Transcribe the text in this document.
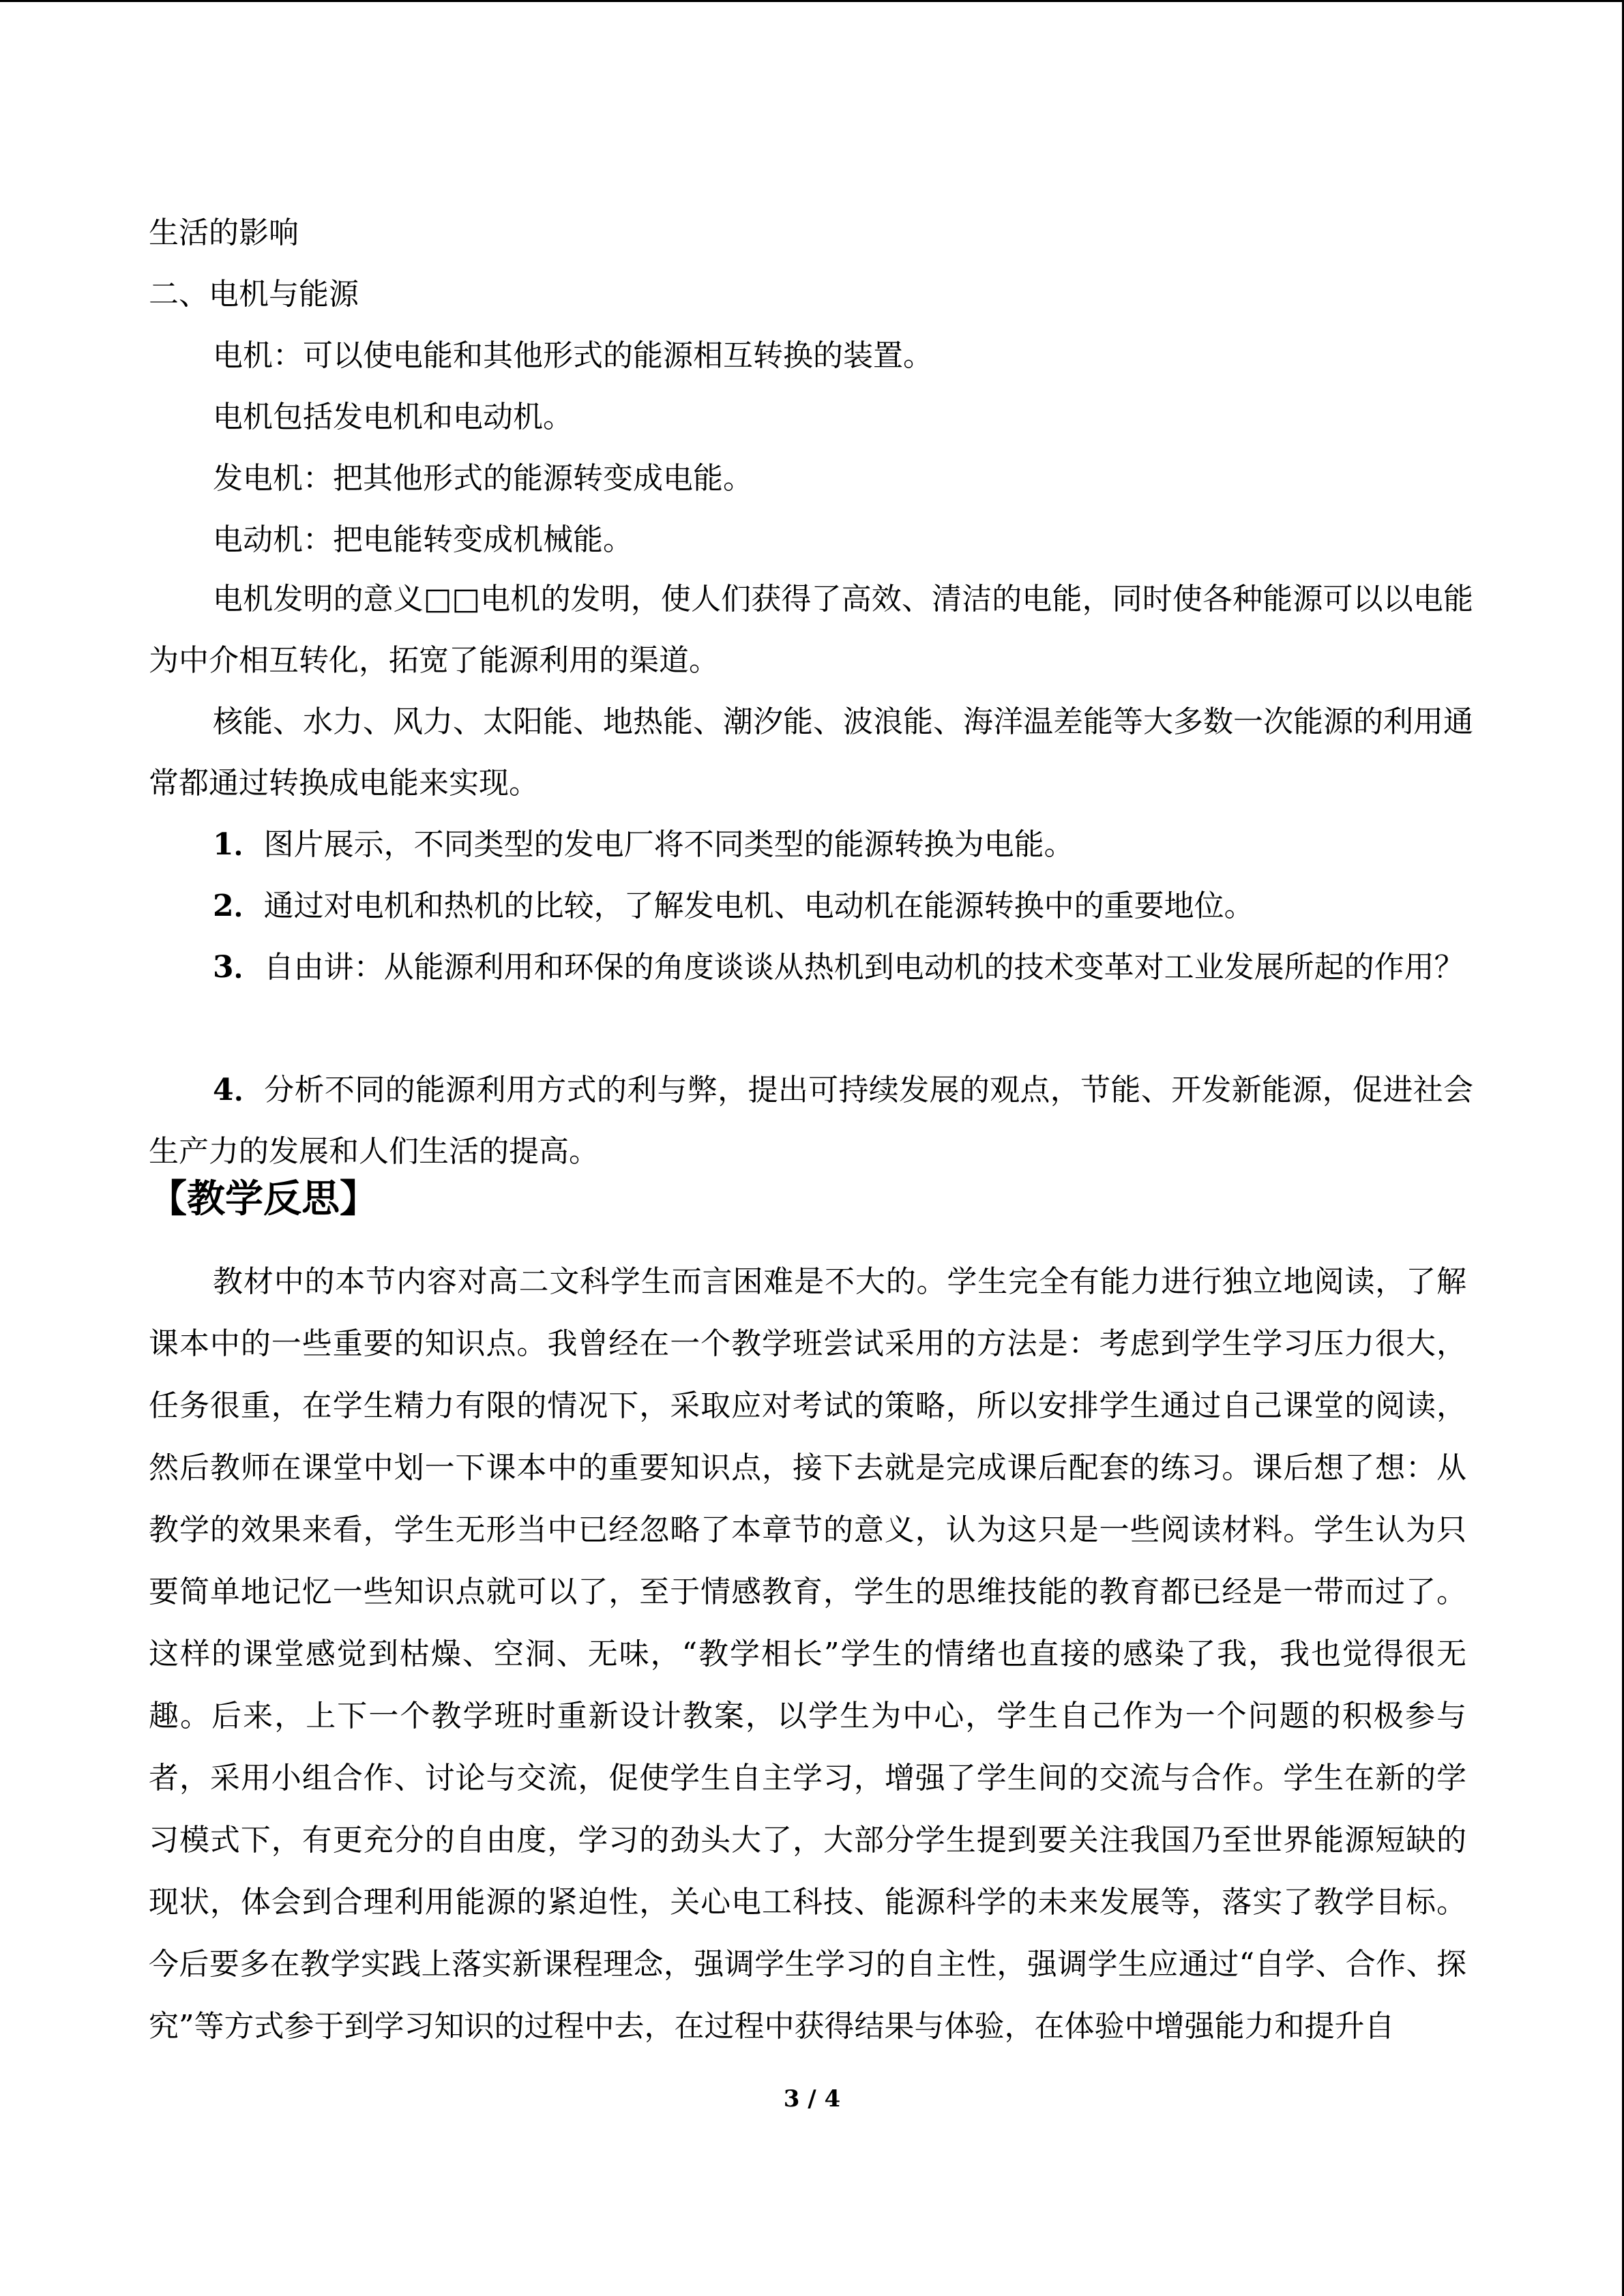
生活的影响
二、电机与能源
电机：可以使电能和其他形式的能源相互转换的装置。
电机包括发电机和电动机。
发电机：把其他形式的能源转变成电能。
电动机：把电能转变成机械能。
电机发明的意义□□电机的发明，使人们获得了高效、清洁的电能，同时使各种能源可以以电能为中介相互转化，拓宽了能源利用的渠道。
核能、水力、风力、太阳能、地热能、潮汐能、波浪能、海洋温差能等大多数一次能源的利用通常都通过转换成电能来实现。
1．图片展示，不同类型的发电厂将不同类型的能源转换为电能。
2．通过对电机和热机的比较，了解发电机、电动机在能源转换中的重要地位。
3．自由讲：从能源利用和环保的角度谈谈从热机到电动机的技术变革对工业发展所起的作用？
4．分析不同的能源利用方式的利与弊，提出可持续发展的观点，节能、开发新能源，促进社会生产力的发展和人们生活的提高。
【教学反思】
教材中的本节内容对高二文科学生而言困难是不大的。学生完全有能力进行独立地阅读，了解课本中的一些重要的知识点。我曾经在一个教学班尝试采用的方法是：考虑到学生学习压力很大，任务很重，在学生精力有限的情况下，采取应对考试的策略，所以安排学生通过自己课堂的阅读，然后教师在课堂中划一下课本中的重要知识点，接下去就是完成课后配套的练习。课后想了想：从教学的效果来看，学生无形当中已经忽略了本章节的意义，认为这只是一些阅读材料。学生认为只要简单地记忆一些知识点就可以了，至于情感教育，学生的思维技能的教育都已经是一带而过了。这样的课堂感觉到枯燥、空洞、无味，“教学相长”学生的情绪也直接的感染了我，我也觉得很无趣。后来，上下一个教学班时重新设计教案，以学生为中心，学生自己作为一个问题的积极参与者，采用小组合作、讨论与交流，促使学生自主学习，增强了学生间的交流与合作。学生在新的学习模式下，有更充分的自由度，学习的劲头大了，大部分学生提到要关注我国乃至世界能源短缺的现状，体会到合理利用能源的紧迫性，关心电工科技、能源科学的未来发展等，落实了教学目标。今后要多在教学实践上落实新课程理念，强调学生学习的自主性，强调学生应通过“自学、合作、探究”等方式参于到学习知识的过程中去，在过程中获得结果与体验，在体验中增强能力和提升自
3 / 4
